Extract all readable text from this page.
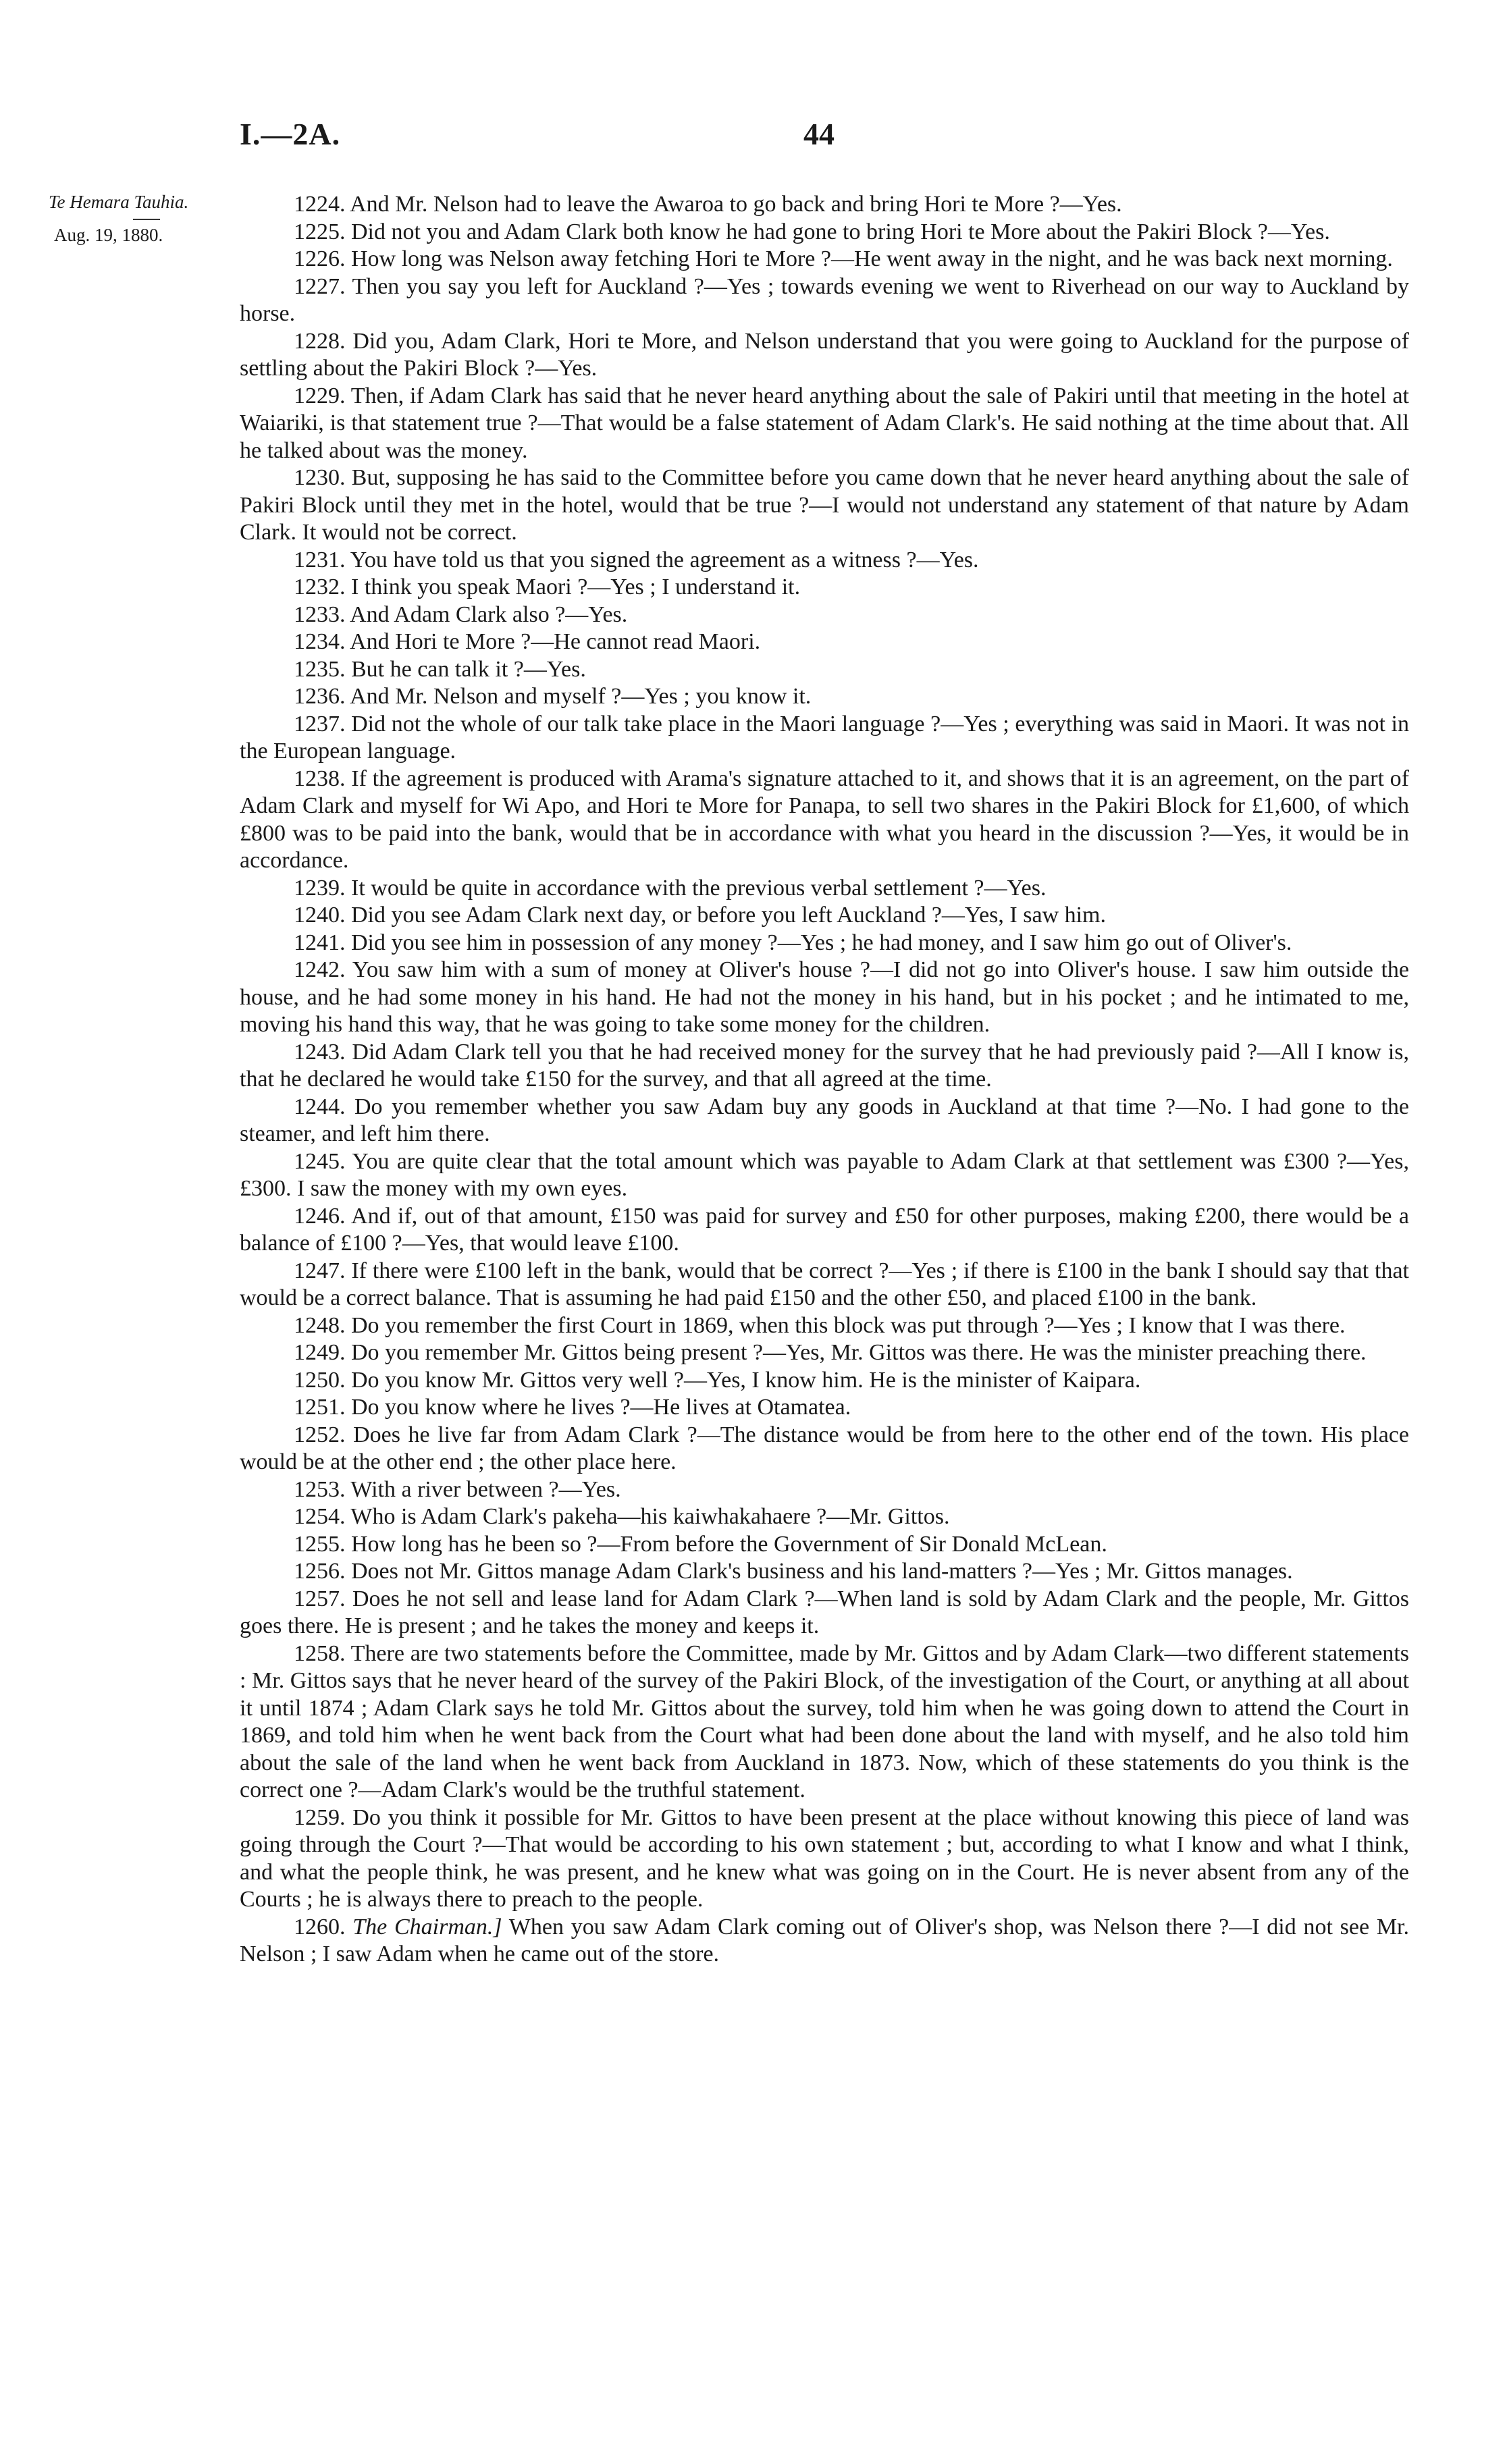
I.—2A.	44
Te Hemara Tauhia.
Aug. 19, 1880.

1224. And Mr. Nelson had to leave the Awaroa to go back and bring Hori te More ?—Yes.

1225. Did not you and Adam Clark both know he had gone to bring Hori te More about the Pakiri Block ?—Yes.

1226. How long was Nelson away fetching Hori te More ?—He went away in the night, and he was back next morning.

1227. Then you say you left for Auckland ?—Yes ; towards evening we went to Riverhead on our way to Auckland by horse.

1228. Did you, Adam Clark, Hori te More, and Nelson understand that you were going to Auckland for the purpose of settling about the Pakiri Block ?—Yes.

1229. Then, if Adam Clark has said that he never heard anything about the sale of Pakiri until that meeting in the hotel at Waiariki, is that statement true ?—That would be a false statement of Adam Clark's. He said nothing at the time about that. All he talked about was the money.

1230. But, supposing he has said to the Committee before you came down that he never heard anything about the sale of Pakiri Block until they met in the hotel, would that be true ?—I would not understand any statement of that nature by Adam Clark. It would not be correct.

1231. You have told us that you signed the agreement as a witness ?—Yes.

1232. I think you speak Maori ?—Yes ; I understand it.

1233. And Adam Clark also ?—Yes.

1234. And Hori te More ?—He cannot read Maori.

1235. But he can talk it ?—Yes.

1236. And Mr. Nelson and myself ?—Yes ; you know it.

1237. Did not the whole of our talk take place in the Maori language ?—Yes ; everything was said in Maori. It was not in the European language.

1238. If the agreement is produced with Arama's signature attached to it, and shows that it is an agreement, on the part of Adam Clark and myself for Wi Apo, and Hori te More for Panapa, to sell two shares in the Pakiri Block for £1,600, of which £800 was to be paid into the bank, would that be in accordance with what you heard in the discussion ?—Yes, it would be in accordance.

1239. It would be quite in accordance with the previous verbal settlement ?—Yes.

1240. Did you see Adam Clark next day, or before you left Auckland ?—Yes, I saw him.

1241. Did you see him in possession of any money ?—Yes ; he had money, and I saw him go out of Oliver's.

1242. You saw him with a sum of money at Oliver's house ?—I did not go into Oliver's house. I saw him outside the house, and he had some money in his hand. He had not the money in his hand, but in his pocket ; and he intimated to me, moving his hand this way, that he was going to take some money for the children.

1243. Did Adam Clark tell you that he had received money for the survey that he had previously paid ?—All I know is, that he declared he would take £150 for the survey, and that all agreed at the time.

1244. Do you remember whether you saw Adam buy any goods in Auckland at that time ?—No. I had gone to the steamer, and left him there.

1245. You are quite clear that the total amount which was payable to Adam Clark at that settlement was £300 ?—Yes, £300. I saw the money with my own eyes.

1246. And if, out of that amount, £150 was paid for survey and £50 for other purposes, making £200, there would be a balance of £100 ?—Yes, that would leave £100.

1247. If there were £100 left in the bank, would that be correct ?—Yes ; if there is £100 in the bank I should say that that would be a correct balance. That is assuming he had paid £150 and the other £50, and placed £100 in the bank.

1248. Do you remember the first Court in 1869, when this block was put through ?—Yes ; I know that I was there.

1249. Do you remember Mr. Gittos being present ?—Yes, Mr. Gittos was there. He was the minister preaching there.

1250. Do you know Mr. Gittos very well ?—Yes, I know him. He is the minister of Kaipara.

1251. Do you know where he lives ?—He lives at Otamatea.

1252. Does he live far from Adam Clark ?—The distance would be from here to the other end of the town. His place would be at the other end ; the other place here.

1253. With a river between ?—Yes.

1254. Who is Adam Clark's pakeha—his kaiwhakahaere ?—Mr. Gittos.

1255. How long has he been so ?—From before the Government of Sir Donald McLean.

1256. Does not Mr. Gittos manage Adam Clark's business and his land-matters ?—Yes ; Mr. Gittos manages.

1257. Does he not sell and lease land for Adam Clark ?—When land is sold by Adam Clark and the people, Mr. Gittos goes there. He is present ; and he takes the money and keeps it.

1258. There are two statements before the Committee, made by Mr. Gittos and by Adam Clark—two different statements : Mr. Gittos says that he never heard of the survey of the Pakiri Block, of the investigation of the Court, or anything at all about it until 1874 ; Adam Clark says he told Mr. Gittos about the survey, told him when he was going down to attend the Court in 1869, and told him when he went back from the Court what had been done about the land with myself, and he also told him about the sale of the land when he went back from Auckland in 1873. Now, which of these statements do you think is the correct one ?—Adam Clark's would be the truthful statement.

1259. Do you think it possible for Mr. Gittos to have been present at the place without knowing this piece of land was going through the Court ?—That would be according to his own statement ; but, according to what I know and what I think, and what the people think, he was present, and he knew what was going on in the Court. He is never absent from any of the Courts ; he is always there to preach to the people.

1260. The Chairman.] When you saw Adam Clark coming out of Oliver's shop, was Nelson there ?—I did not see Mr. Nelson ; I saw Adam when he came out of the store.
